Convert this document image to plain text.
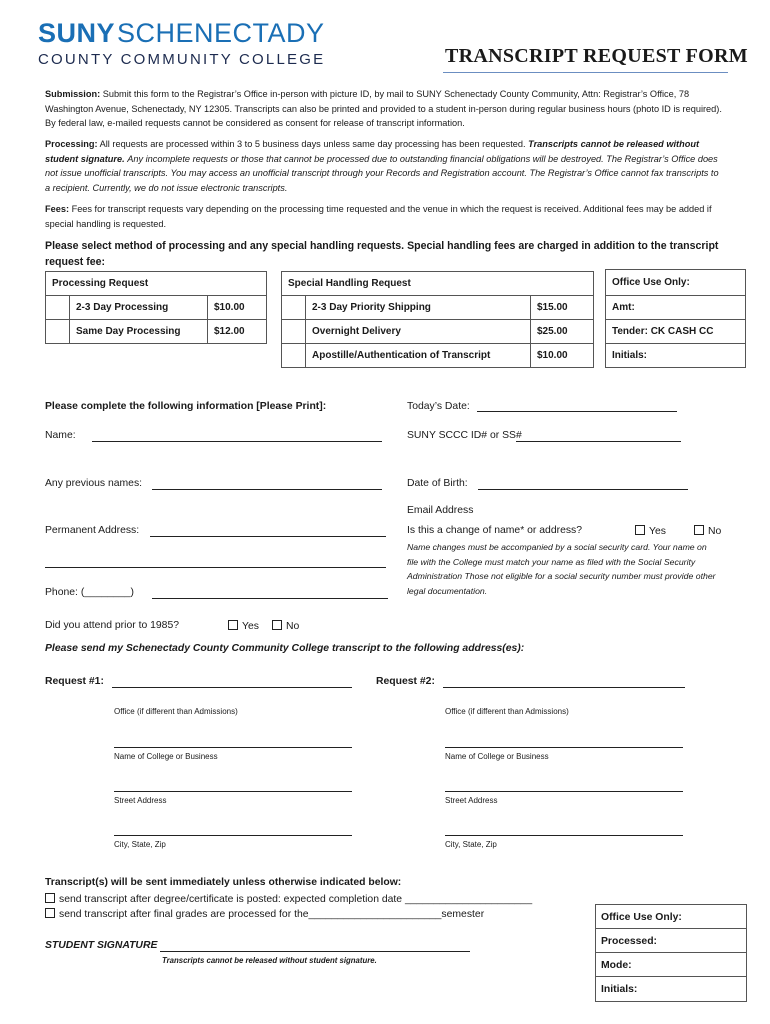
SUNY SCHENECTADY
COUNTY COMMUNITY COLLEGE	TRANSCRIPT REQUEST FORM
Submission: Submit this form to the Registrar’s Office in-person with picture ID, by mail to SUNY Schenectady County Community, Attn: Registrar’s Office, 78 Washington Avenue, Schenectady, NY 12305. Transcripts can also be printed and provided to a student in-person during regular business hours (photo ID is required). By federal law, e-mailed requests cannot be considered as consent for release of transcript information.
Processing: All requests are processed within 3 to 5 business days unless same day processing has been requested. Transcripts cannot be released without student signature. Any incomplete requests or those that cannot be processed due to outstanding financial obligations will be destroyed. The Registrar’s Office does not issue unofficial transcripts. You may access an unofficial transcript through your Records and Registration account. The Registrar’s Office cannot fax transcripts to a recipient. Currently, we do not issue electronic transcripts.
Fees: Fees for transcript requests vary depending on the processing time requested and the venue in which the request is received. Additional fees may be added if special handling is requested.
Please select method of processing and any special handling requests. Special handling fees are charged in addition to the transcript request fee:
Processing Request		
	2-3 Day Processing	$10.00
	Same Day Processing	$12.00
Special Handling Request		
	2-3 Day Priority Shipping	$15.00
	Overnight Delivery	$25.00
	Apostille/Authentication of Transcript	$10.00
Office Use Only:
Amt:
Tender: CK CASH CC
Initials:
Please complete the following information [Please Print]:	Today’s Date:
Name:	SUNY SCCC ID# or SS#
Any previous names:	Date of Birth:
Email Address
Permanent Address:	Is this a change of name* or address?	Yes	No
Name changes must be accompanied by a social security card. Your name on file with the College must match your name as filed with the Social Security Administration Those not eligible for a social security number must provide other legal documentation.
Phone: (________)
Did you attend prior to 1985?	Yes	No
Please send my Schenectady County Community College transcript to the following address(es):
Request #1:	Request #2:
Office (if different than Admissions)	Office (if different than Admissions)
Name of College or Business	Name of College or Business
Street Address	Street Address
City, State, Zip	City, State, Zip
Transcript(s) will be sent immediately unless otherwise indicated below:
send transcript after degree/certificate is posted: expected completion date ______________________
send transcript after final grades are processed for the_______________________semester
STUDENT SIGNATURE
Transcripts cannot be released without student signature.
Office Use Only:
Processed:
Mode:
Initials:
